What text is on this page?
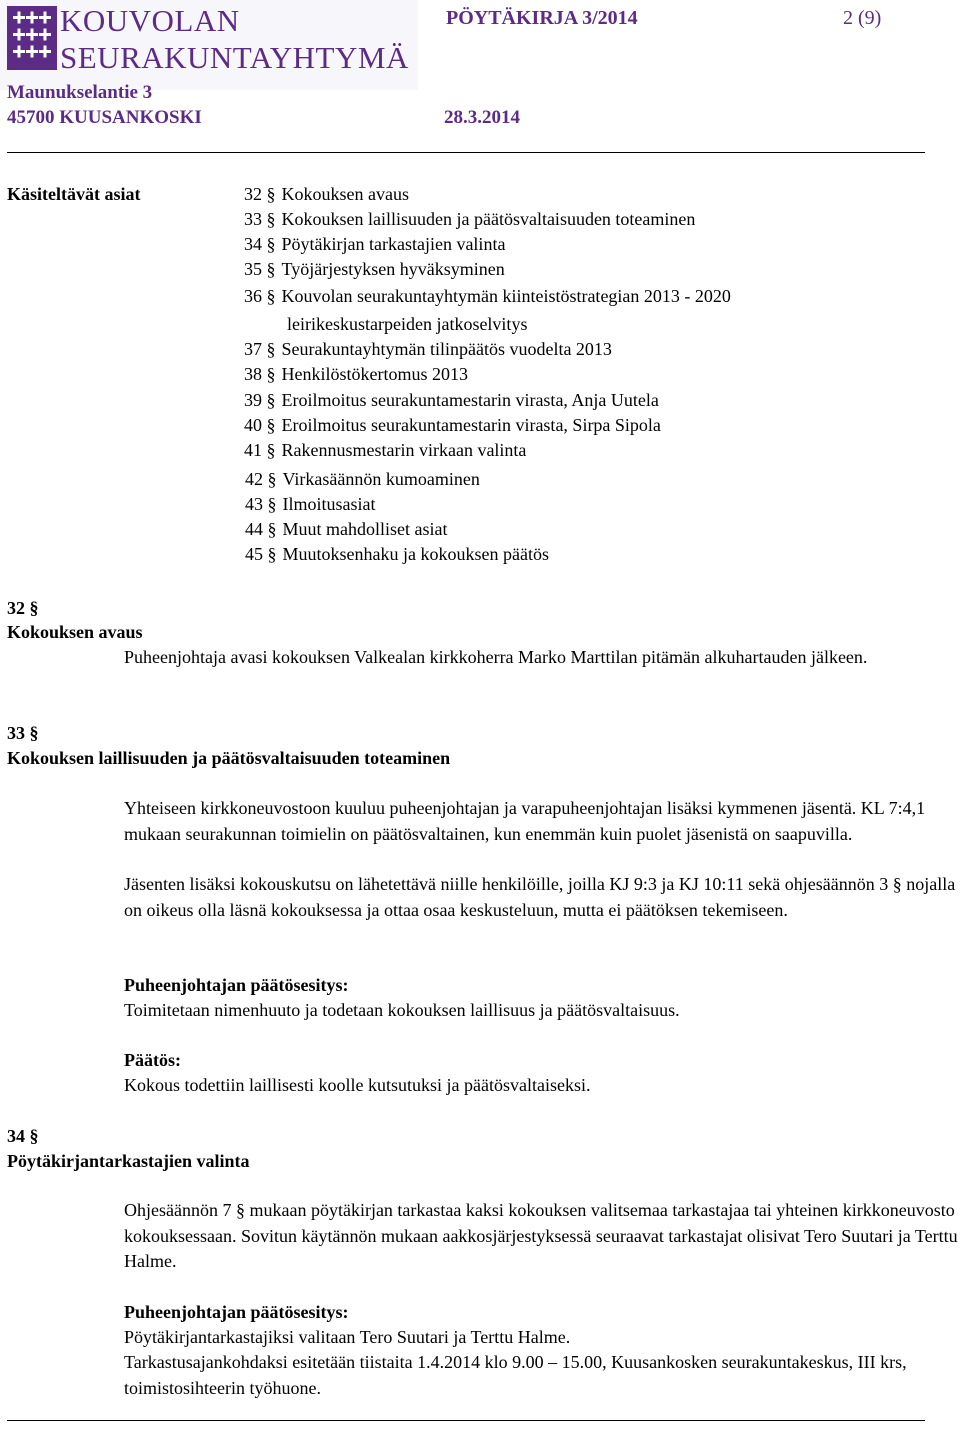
KOUVOLAN
SEURAKUNTAYHTYMÄ
Maunukselantie 3
45700 KUUSANKOSKI	28.3.2014
PÖYTÄKIRJA 3/2014	2 (9)
Käsiteltävät asiat	32 § Kokouksen avaus
33 § Kokouksen laillisuuden ja päätösvaltaisuuden toteaminen
34 § Pöytäkirjan tarkastajien valinta
35 § Työjärjestyksen hyväksyminen
36 § Kouvolan seurakuntayhtymän kiinteistöstrategian 2013 - 2020
leirikeskustarpeiden jatkoselvitys
37 § Seurakuntayhtymän tilinpäätös vuodelta 2013
38 § Henkilöstökertomus 2013
39 § Eroilmoitus seurakuntamestarin virasta, Anja Uutela
40 § Eroilmoitus seurakuntamestarin virasta, Sirpa Sipola
41 § Rakennusmestarin virkaan valinta
42 § Virkasäännön kumoaminen
43 § Ilmoitusasiat
44 § Muut mahdolliset asiat
45 § Muutoksenhaku ja kokouksen päätös
32 §
Kokouksen avaus
Puheenjohtaja avasi kokouksen Valkealan kirkkoherra Marko Marttilan pitämän alkuhartauden jälkeen.
33 §
Kokouksen laillisuuden ja päätösvaltaisuuden toteaminen
Yhteiseen kirkkoneuvostoon kuuluu puheenjohtajan ja varapuheenjohtajan lisäksi kymmenen jäsentä. KL 7:4,1 mukaan seurakunnan toimielin on päätösvaltainen, kun enemmän kuin puolet jäsenistä on saapuvilla.
Jäsenten lisäksi kokouskutsu on lähetettävä niille henkilöille, joilla KJ 9:3 ja KJ 10:11 sekä ohjesäännön 3 § nojalla on oikeus olla läsnä kokouksessa ja ottaa osaa keskusteluun, mutta ei päätöksen tekemiseen.
Puheenjohtajan päätösesitys:
Toimitetaan nimenhuuto ja todetaan kokouksen laillisuus ja päätösvaltaisuus.
Päätös:
Kokous todettiin laillisesti koolle kutsutuksi ja päätösvaltaiseksi.
34 §
Pöytäkirjantarkastajien valinta
Ohjesäännön 7 § mukaan pöytäkirjan tarkastaa kaksi kokouksen valitsemaa tarkastajaa tai yhteinen kirkkoneuvosto kokouksessaan. Sovitun käytännön mukaan aakkosjärjestyksessä seuraavat tarkastajat olisivat Tero Suutari ja Terttu Halme.
Puheenjohtajan päätösesitys:
Pöytäkirjantarkastajiksi valitaan Tero Suutari ja Terttu Halme.
Tarkastusajankohdaksi esitetään tiistaita 1.4.2014 klo 9.00 – 15.00, Kuusankosken seurakuntakeskus, III krs, toimistosihteerin työhuone.
